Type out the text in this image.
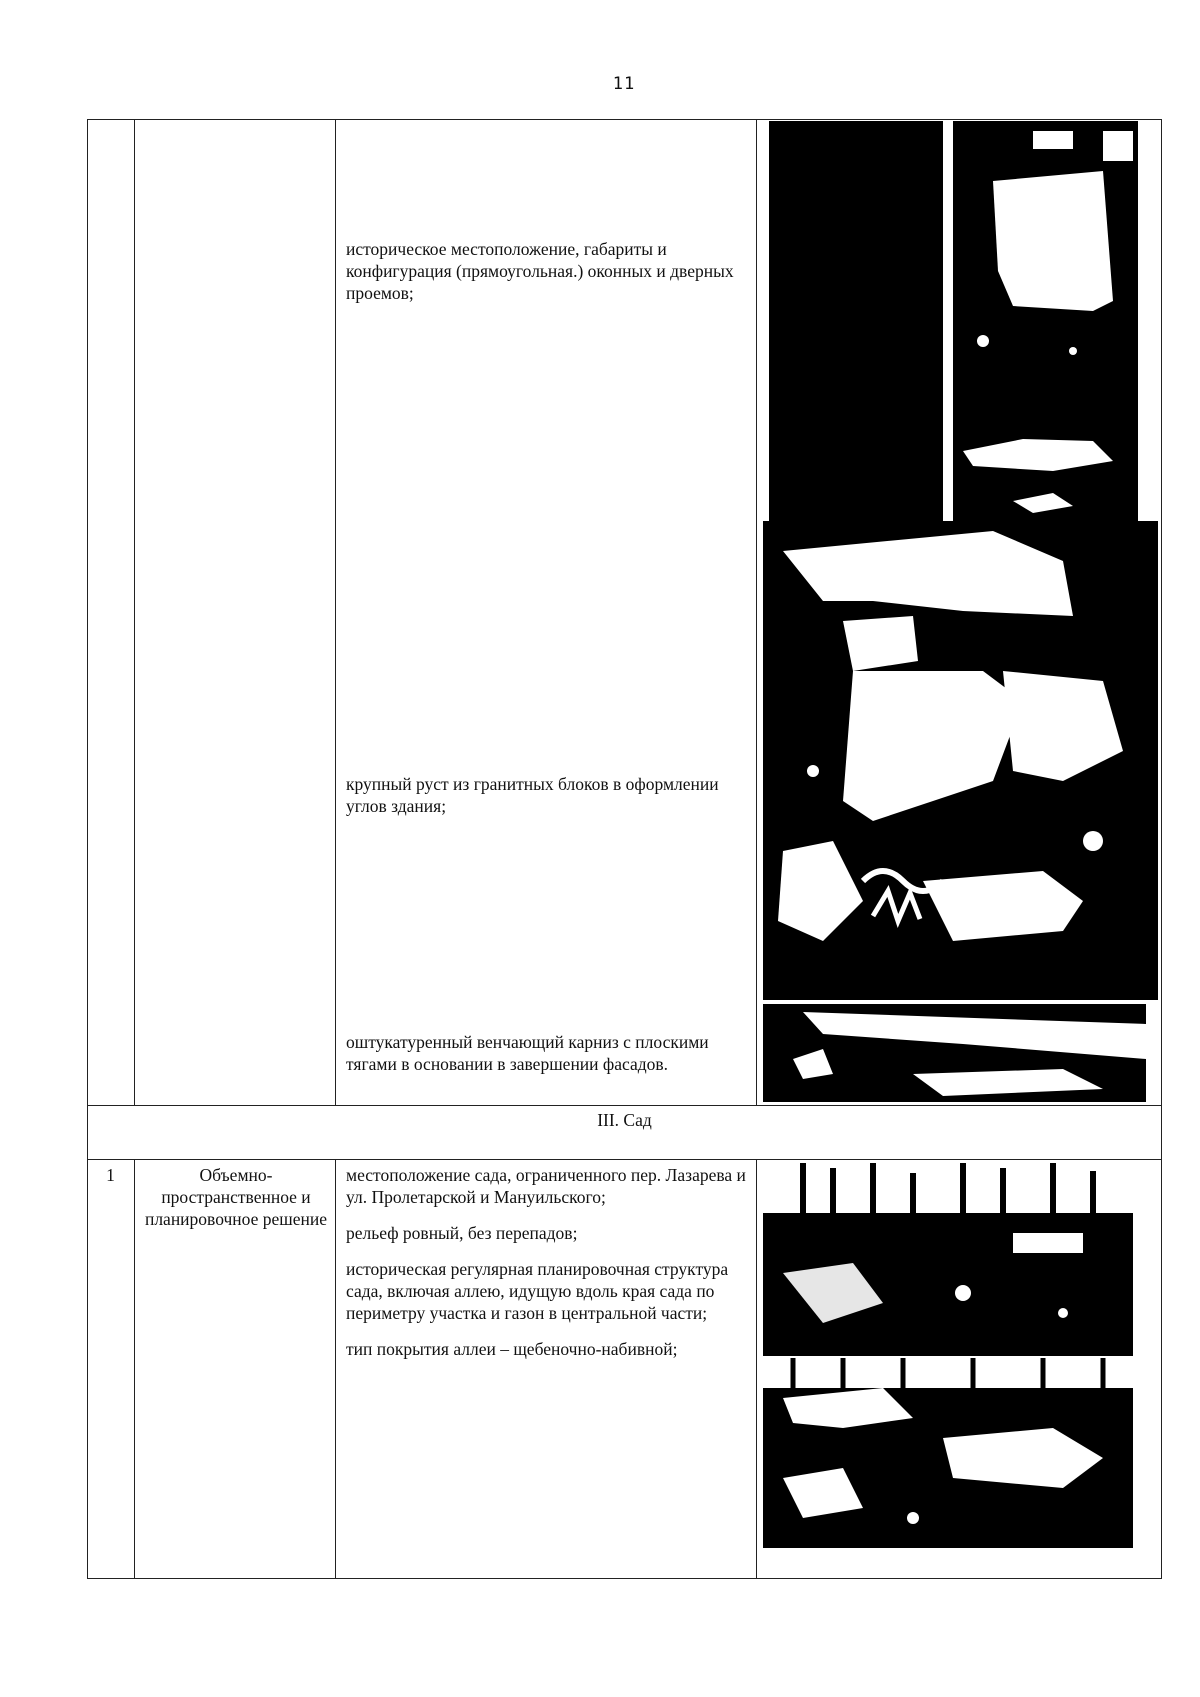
11
историческое местоположение, габариты и конфигурация (прямоугольная.) оконных и дверных проемов;
крупный руст из гранитных блоков в оформлении углов здания;
оштукатуренный венчающий карниз с плоскими тягами в основании в завершении фасадов.
III. Сад
1	Объемно-пространственное и планировочное решение

местоположение сада, ограниченного пер. Лазарева и ул. Пролетарской и Мануильского;

рельеф ровный, без перепадов;

историческая регулярная планировочная структура сада, включая аллею, идущую вдоль края сада по периметру участка и газон в центральной части;

тип покрытия аллеи – щебеночно-набивной;
